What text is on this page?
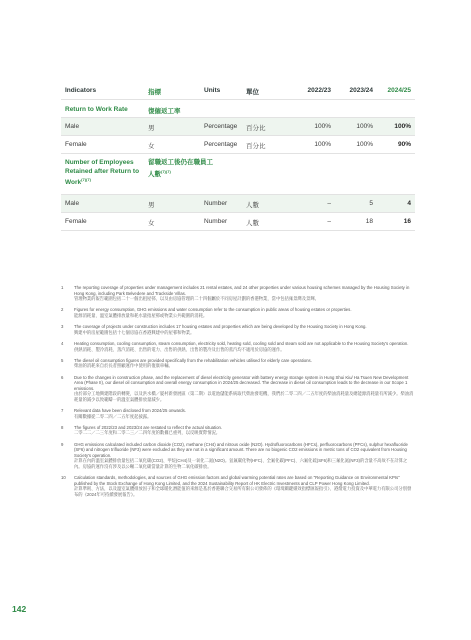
Indicators	指標	Units	單位	2022/23	2023/24 2024/25
Return to Work Rate	復僱返工率
Male	男	Percentage 百分比	100%	100%	100%
Female	女	Percentage 百分比	100%	100%	90%
Number of Employees
Retained after Return to
Work$^{(7)(7)}$
留職返工後仍在職員工
人數$^{(7)(7)}$
Male	男	Number	人數	–	5	4
Female	女	Number	人數	–	18	16
1 The reporting coverage of properties under management includes 21 rental estates, and 24 other properties under various housing schemes managed by the Housing Society in Hong Kong, including Park Belvedere and Trackside Villas.
管理物業的報告範圍包括二十一個出租屋邨，以及由房協管理的二十四個屬於不同房屋計劃的香港物業，當中包括雍景灣及景輝。
2 Figures for energy consumption, GHG emissions and water consumption refer to the consumption in public areas of housing estates or properties.
能源消耗量、溫室氣體排放量和耗水量指屋邨或物業公共範圍的消耗。
3 The coverage of projects under construction includes 17 housing estates and properties which are being developed by the Housing Society in Hong Kong.
興建中的房屋範圍包括十七個房協在香港興建中的屋邨和物業。
4 Heating consumption, cooling consumption, steam consumption, electricity sold, heating sold, cooling sold and steam sold are not applicable to the Housing Society's operation.
供熱消耗、製冷消耗、蒸汽消耗、出售的電力、出售的供熱、出售的製冷及出售的蒸汽均不適用於房協的運作。
5 The diesel oil consumption figures are provided specifically from the rehabilitation vehicles utilised for elderly care operations.
柴油的消耗來自於長者照顧運作中使用的復康車輛。
6 Due to the changes in construction phase, and the replacement of diesel electricity generator with battery energy storage system in Hung Shui Kiu/ Ha Tsuen New Development Area (Phase II), our diesel oil consumption and overall energy consumption in 2024/25 decreased. The decrease in diesel oil consumption leads to the decrease in our Scope 1 emissions.
由於部分工地興建階段的轉變，以及洪水橋／厦村新發展區（第二期）以電池儲能系統取代柴油發電機，我們於二零二四／二五年度的柴油消耗量及總能源消耗量有所減少。柴油消耗量的減少以致範疇一的溫室氣體排放量減少。
7 Relevant data have been disclosed from 2024/25 onwards.
有關數據從二零二四／二五年度起披露。
8 The figures of 2022/23 and 2023/24 are restated to reflect the actual situation.
二零二二／二三年度和二零二三／二四年度的數據已重列，以反映實際情況。
9 GHG emissions calculated included carbon dioxide (CO2), methane (CH4) and nitrous oxide (N2O). Hydrofluorocarbons (HFCs), perfluorocarbons (PFCs), sulphur hexafluoride (SF6) and nitrogen trifluoride (NF3) were excluded as they are not in a significant amount. There are no biogenic CO2 emissions in metric tons of CO2 equivalent from Housing Society's operation.
計算在內的溫室氣體排放量包括二氧化碳(CO2)、甲烷(CH4)及一氧化二氮(N2O)。氫氟碳化物(HFC)、全氟化碳(PFC)、六氟化硫(SF6)和三氟化氮(NF3)的含量不高故不在計算之內。房協的運作沒有涉及以公噸二氧化碳當量計算的生物二氧化碳排放。
10 Calculation standards, methodologies, and sources of GHG emission factors and global warming potential rates are based on "Reporting Guidance on Environmental KPIs" published by the Stock Exchange of Hong Kong Limited, and the 2024 Sustainability Report of HK Electric Investments and CLP Power Hong Kong Limited.
計算準則、方法，以及溫室氣體排放因子和全球暖化潛能值的來源是基於香港聯合交易所有限公司發佈的《環境關鍵績效指標匯報指引》、港燈電力投資及中華電力有限公司分別發布的《2024年可持續發展報告》。
142
